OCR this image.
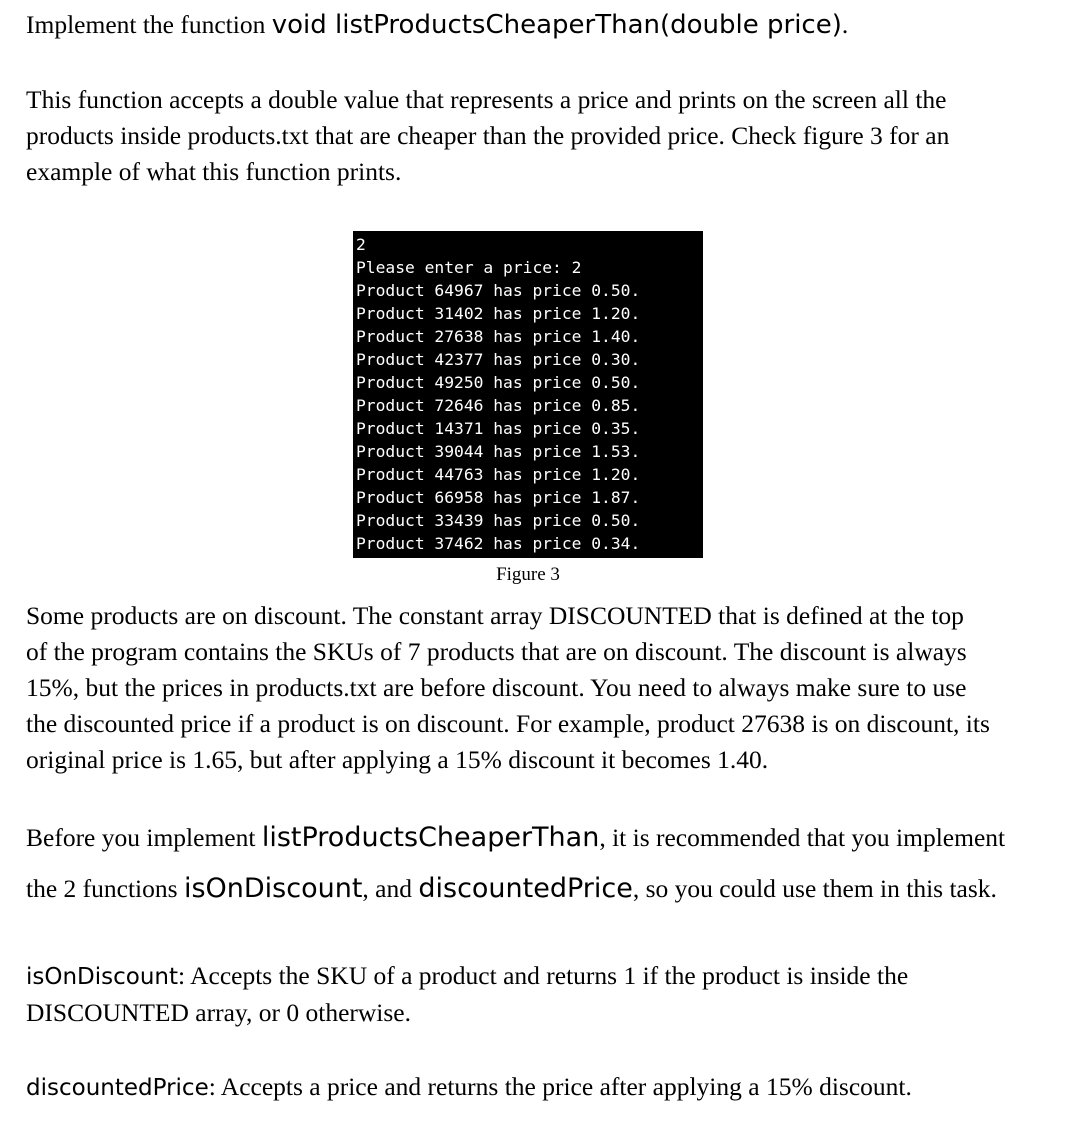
Implement the function void listProductsCheaperThan(double price).

This function accepts a double value that represents a price and prints on the screen all the
products inside products.txt that are cheaper than the provided price. Check figure 3 for an
example of what this function prints.

2
Please enter a price: 2
Product 64967 has price 0.50.
Product 31402 has price 1.20.
Product 27638 has price 1.40.
Product 42377 has price 0.30.
Product 49250 has price 0.50.
Product 72646 has price 0.85.
Product 14371 has price 0.35.
Product 39044 has price 1.53.
Product 44763 has price 1.20.
Product 66958 has price 1.87.
Product 33439 has price 0.50.
Product 37462 has price 0.34.
Figure 3

Some products are on discount. The constant array DISCOUNTED that is defined at the top
of the program contains the SKUs of 7 products that are on discount. The discount is always
15%, but the prices in products.txt are before discount. You need to always make sure to use
the discounted price if a product is on discount. For example, product 27638 is on discount, its
original price is 1.65, but after applying a 15% discount it becomes 1.40.

Before you implement listProductsCheaperThan, it is recommended that you implement

the 2 functions isOnDiscount, and discountedPrice, so you could use them in this task.

isOnDiscount: Accepts the SKU of a product and returns 1 if the product is inside the
DISCOUNTED array, or 0 otherwise.

discountedPrice: Accepts a price and returns the price after applying a 15% discount.
